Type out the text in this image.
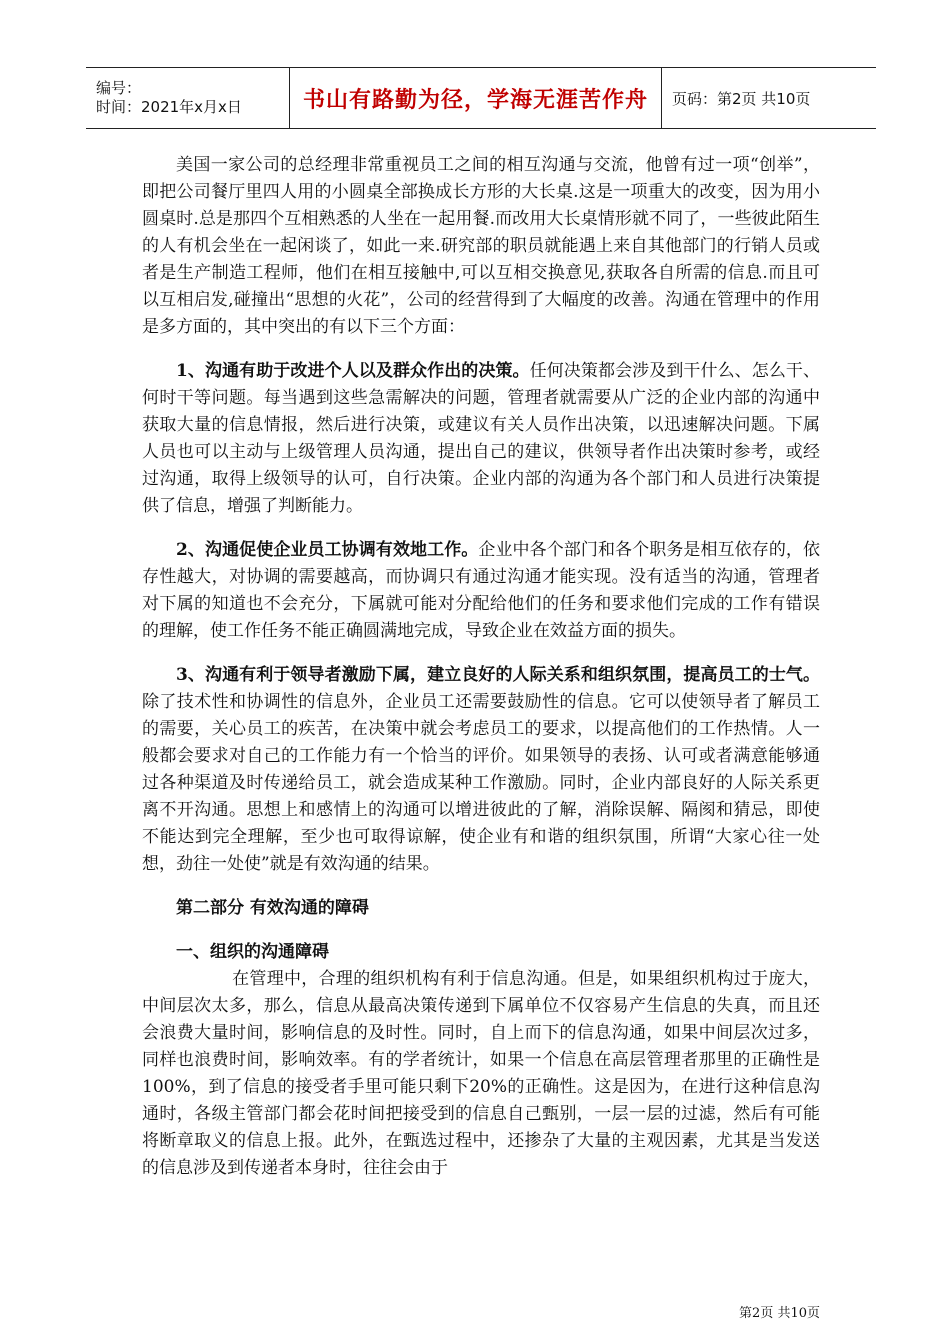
编号：
时间：2021年x月x日	书山有路勤为径，学海无涯苦作舟 页码：第2页 共10页

美国一家公司的总经理非常重视员工之间的相互沟通与交流，他曾有过一项“创举”，即把公司餐厅里四人用的小圆桌全部换成长方形的大长桌.这是一项重大的改变，因为用小圆桌时.总是那四个互相熟悉的人坐在一起用餐.而改用大长桌情形就不同了，一些彼此陌生的人有机会坐在一起闲谈了，如此一来.研究部的职员就能遇上来自其他部门的行销人员或者是生产制造工程师，他们在相互接触中,可以互相交换意见,获取各自所需的信息.而且可以互相启发,碰撞出“思想的火花”，公司的经营得到了大幅度的改善。沟通在管理中的作用是多方面的，其中突出的有以下三个方面：

1、沟通有助于改进个人以及群众作出的决策。任何决策都会涉及到干什么、怎么干、何时干等问题。每当遇到这些急需解决的问题，管理者就需要从广泛的企业内部的沟通中获取大量的信息情报，然后进行决策，或建议有关人员作出决策，以迅速解决问题。下属人员也可以主动与上级管理人员沟通，提出自己的建议，供领导者作出决策时参考，或经过沟通，取得上级领导的认可，自行决策。企业内部的沟通为各个部门和人员进行决策提供了信息，增强了判断能力。

2、沟通促使企业员工协调有效地工作。企业中各个部门和各个职务是相互依存的，依存性越大，对协调的需要越高，而协调只有通过沟通才能实现。没有适当的沟通，管理者对下属的知道也不会充分，下属就可能对分配给他们的任务和要求他们完成的工作有错误的理解，使工作任务不能正确圆满地完成，导致企业在效益方面的损失。

3、沟通有利于领导者激励下属，建立良好的人际关系和组织氛围，提高员工的士气。除了技术性和协调性的信息外，企业员工还需要鼓励性的信息。它可以使领导者了解员工的需要，关心员工的疾苦，在决策中就会考虑员工的要求，以提高他们的工作热情。人一般都会要求对自己的工作能力有一个恰当的评价。如果领导的表扬、认可或者满意能够通过各种渠道及时传递给员工，就会造成某种工作激励。同时，企业内部良好的人际关系更离不开沟通。思想上和感情上的沟通可以增进彼此的了解，消除误解、隔阂和猜忌，即使不能达到完全理解，至少也可取得谅解，使企业有和谐的组织氛围，所谓“大家心往一处想，劲往一处使”就是有效沟通的结果。

第二部分 有效沟通的障碍

一、组织的沟通障碍

在管理中，合理的组织机构有利于信息沟通。但是，如果组织机构过于庞大，中间层次太多，那么，信息从最高决策传递到下属单位不仅容易产生信息的失真，而且还会浪费大量时间，影响信息的及时性。同时，自上而下的信息沟通，如果中间层次过多，同样也浪费时间，影响效率。有的学者统计，如果一个信息在高层管理者那里的正确性是100%，到了信息的接受者手里可能只剩下20%的正确性。这是因为，在进行这种信息沟通时，各级主管部门都会花时间把接受到的信息自己甄别，一层一层的过滤，然后有可能将断章取义的信息上报。此外，在甄选过程中，还掺杂了大量的主观因素，尤其是当发送的信息涉及到传递者本身时，往往会由于

第2页 共10页
